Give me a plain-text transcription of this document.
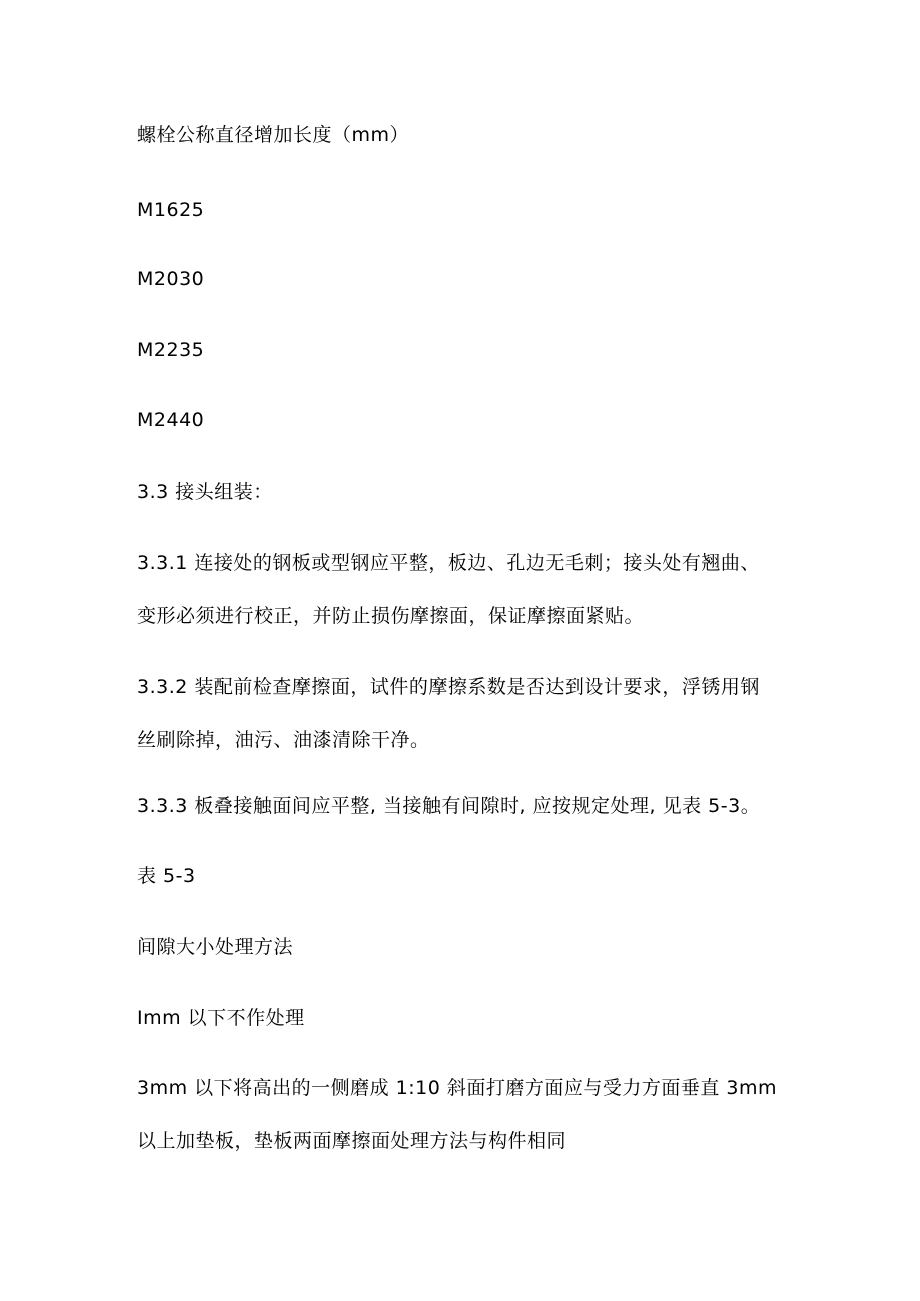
螺栓公称直径增加长度（mm）

M1625

M2030

M2235

M2440

3.3 接头组装：

3.3.1 连接处的钢板或型钢应平整，板边、孔边无毛刺；接头处有翘曲、
变形必须进行校正，并防止损伤摩擦面，保证摩擦面紧贴。
3.3.2 装配前检查摩擦面，试件的摩擦系数是否达到设计要求，浮锈用钢
丝刷除掉，油污、油漆清除干净。

3.3.3 板叠接触面间应平整, 当接触有间隙时, 应按规定处理, 见表 5-3。

表 5-3

间隙大小处理方法

Imm 以下不作处理

3mm 以下将高出的一侧磨成 1:10 斜面打磨方面应与受力方面垂直 3mm
以上加垫板，垫板两面摩擦面处理方法与构件相同
